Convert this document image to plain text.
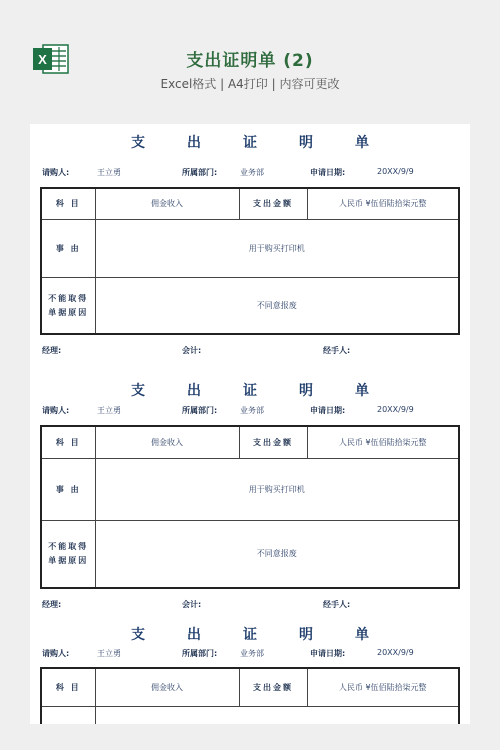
X	支出证明单 (2)
Excel格式 | A4打印 | 内容可更改
支	出	证	明	单
请购人:	王立勇	所属部门:	业务部	申请日期:	20XX/9/9
科 目	佣金收入	支出金额	人民币 ¥伍佰陆拾柒元整
事 由	用于购买打印机		

不能取得
单据原因	不同意报废		
经理:	会计:	经手人:
支	出	证	明	单
请购人:	王立勇	所属部门:	业务部	申请日期:	20XX/9/9
科 目	佣金收入	支出金额	人民币 ¥伍佰陆拾柒元整
事 由	用于购买打印机		

不能取得
单据原因	不同意报废		
经理:	会计:	经手人:
支	出	证	明	单
请购人:	王立勇	所属部门:	业务部	申请日期:	20XX/9/9
科 目	佣金收入	支出金额	人民币 ¥伍佰陆拾柒元整
